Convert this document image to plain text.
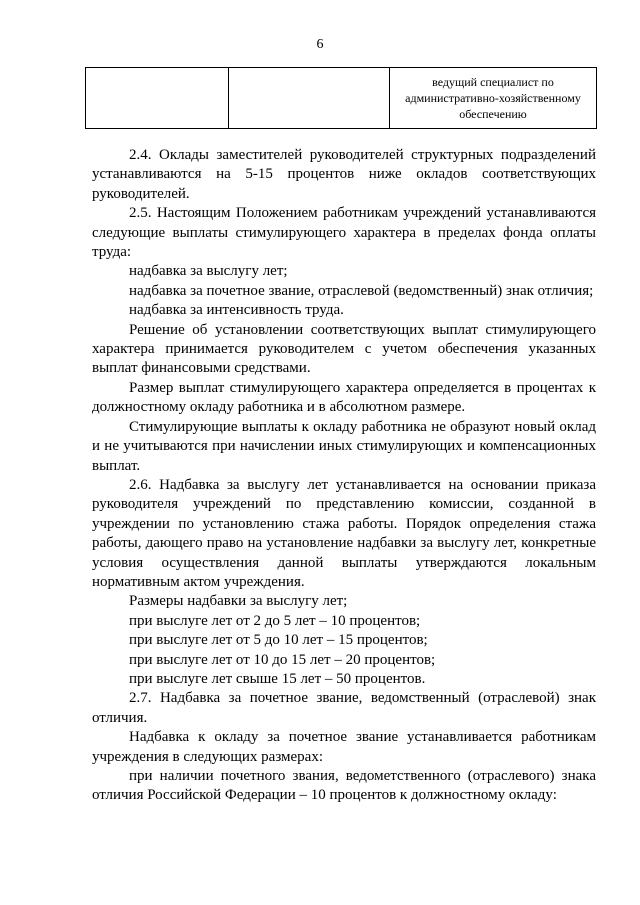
6
		ведущий специалист по
административно-хозяйственному
обеспечению

2.4. Оклады заместителей руководителей структурных подразделений устанавливаются на 5-15 процентов ниже окладов соответствующих руководителей.

2.5. Настоящим Положением работникам учреждений устанавливаются следующие выплаты стимулирующего характера в пределах фонда оплаты труда:

надбавка за выслугу лет;

надбавка за почетное звание, отраслевой (ведомственный) знак отличия;

надбавка за интенсивность труда.

Решение об установлении соответствующих выплат стимулирующего характера принимается руководителем с учетом обеспечения указанных выплат финансовыми средствами.

Размер выплат стимулирующего характера определяется в процентах к должностному окладу работника и в абсолютном размере.

Стимулирующие выплаты к окладу работника не образуют новый оклад и не учитываются при начислении иных стимулирующих и компенсационных выплат.

2.6. Надбавка за выслугу лет устанавливается на основании приказа руководителя учреждений по представлению комиссии, созданной в учреждении по установлению стажа работы. Порядок определения стажа работы, дающего право на установление надбавки за выслугу лет, конкретные условия осуществления данной выплаты утверждаются локальным нормативным актом учреждения.

Размеры надбавки за выслугу лет;

при выслуге лет от 2 до 5 лет – 10 процентов;

при выслуге лет от 5 до 10 лет – 15 процентов;

при выслуге лет от 10 до 15 лет – 20 процентов;

при выслуге лет свыше 15 лет – 50 процентов.

2.7. Надбавка за почетное звание, ведомственный (отраслевой) знак отличия.

Надбавка к окладу за почетное звание устанавливается работникам учреждения в следующих размерах:

при наличии почетного звания, ведометственного (отраслевого) знака отличия Российской Федерации – 10 процентов к должностному окладу:
